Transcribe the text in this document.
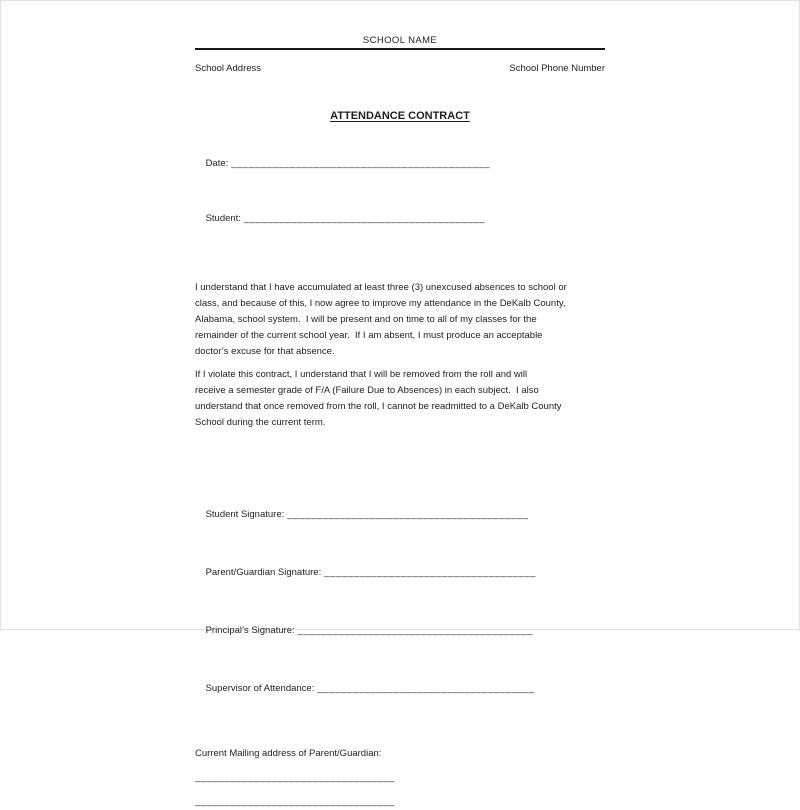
SCHOOL NAME
School Address	School Phone Number
ATTENDANCE CONTRACT

Date: ____________________________________________

Student: _________________________________________

I understand that I have accumulated at least three (3) unexcused absences to school or
class, and because of this, I now agree to improve my attendance in the DeKalb County,
Alabama, school system.  I will be present and on time to all of my classes for the
remainder of the current school year.  If I am absent, I must produce an acceptable
doctor’s excuse for that absence.
If I violate this contract, I understand that I will be removed from the roll and will
receive a semester grade of F/A (Failure Due to Absences) in each subject.  I also
understand that once removed from the roll, I cannot be readmitted to a DeKalb County
School during the current term.

Student Signature: _________________________________________

Parent/Guardian Signature: ____________________________________

Principal’s Signature: ________________________________________

Supervisor of Attendance: _____________________________________

Current Mailing address of Parent/Guardian:
__________________________________
__________________________________
